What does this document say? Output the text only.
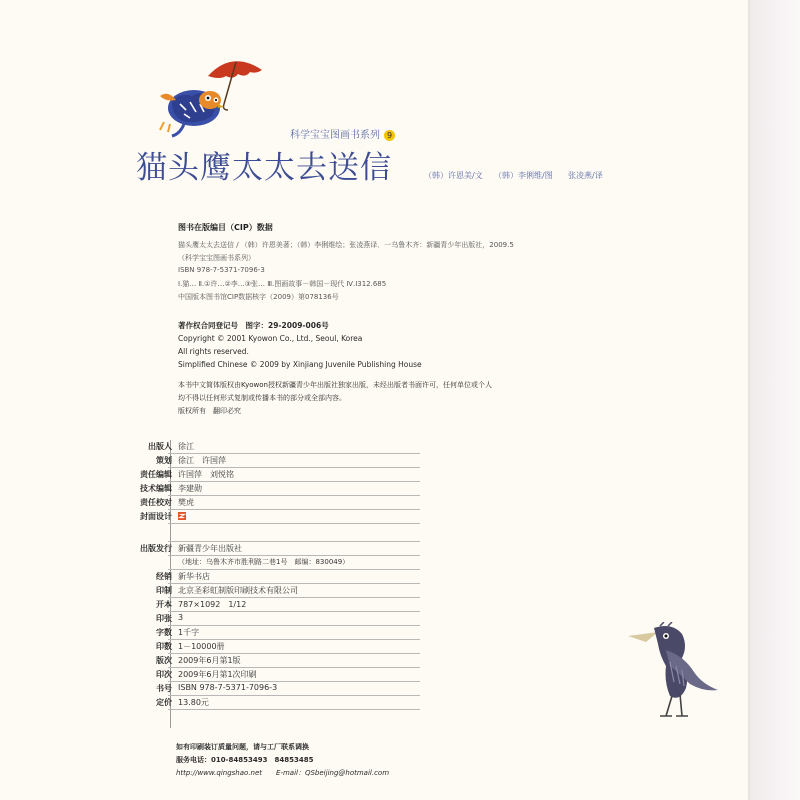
科学宝宝图画书系列 9
猫头鹰太太去送信	（韩）许恩美/文 （韩）李俐维/图 张凌燕/译
图书在版编目（CIP）数据
猫头鹰太太去送信 / （韩）许恩美著；（韩）李俐维绘；张凌燕译．一乌鲁木齐：新疆青少年出版社，2009.5
（科学宝宝图画书系列）
ISBN 978-7-5371-7096-3
Ⅰ.猫… Ⅱ.①许…②李…③张… Ⅲ.图画故事－韩国－现代 Ⅳ.I312.685
中国版本图书馆CIP数据核字（2009）第078136号
著作权合同登记号　图字：29-2009-006号
Copyright © 2001 Kyowon Co., Ltd., Seoul, Korea
All rights reserved.
Simplified Chinese © 2009 by Xinjiang Juvenile Publishing House
本书中文简体版权由Kyowon授权新疆青少年出版社独家出版，未经出版者书面许可，任何单位或个人
均不得以任何形式复制或传播本书的部分或全部内容。
版权所有　翻印必究
出版人 徐江
策划 徐江　许国萍
责任编辑 许国萍　刘悦铭
技术编辑 李建勋
责任校对 樊虎
封面设计
出版发行 新疆青少年出版社
（地址：乌鲁木齐市胜利路二巷1号　邮编：830049）
经销 新华书店
印制 北京圣彩虹制版印刷技术有限公司
开本 787×1092　1/12
印张 3
字数 1千字
印数 1－10000册
版次 2009年6月第1版
印次 2009年6月第1次印刷
书号 ISBN 978-7-5371-7096-3
定价 13.80元
如有印刷装订质量问题，请与工厂联系调换
服务电话：010-84853493　84853485
http://www.qingshao.net　　E-mail：QSbeijing@hotmail.com
